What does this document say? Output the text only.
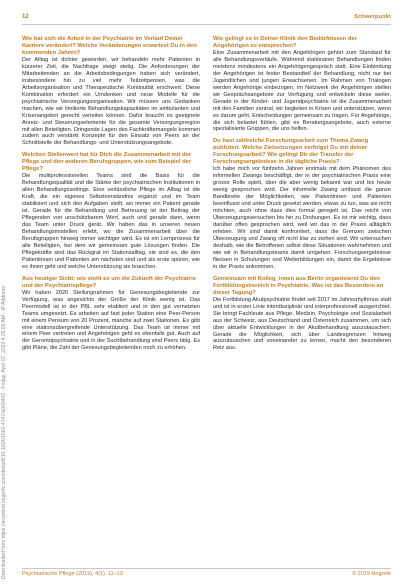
Downloaded from https://econtent.hogrefe.com/doi/pdf/10.1024/1661-4747/a000443 - Friday, April 07, 2023 4:25:05 AM - IP Address:
12	Schwerpunkt

Wie hat sich die Arbeit in der Psychiatrie im Verlauf Deiner Karriere verändert? Welche Veränderungen erwartest Du in den kommenden Jahren?

Der Alltag ist dichter geworden, wir behandeln mehr Patienten in kürzerer Zeit, die Nachfrage steigt stetig. Die Anforderungen der Mitarbeitenden an die Arbeitsbedingungen haben sich verändert, insbesondere hin zu viel mehr Teilzeitpensen, was die Arbeitsorganisation und Therapeutische Kontinuität erschwert. Diese Kombination erfordert ein Umdenken und neue Modelle für die psychiatrische Versorgungsorganisation. Wir müssen uns Gedanken machen, wie wir limitierte Behandlungskapazitäten im ambulanten und Krisenangebot gerecht verteilen können. Dafür braucht es geeignete Anreiz- und Steuerungselemente für die gesamte Versorgungsregion mit allen Beteiligten. Dringende Lagen des Fachkräftemangels kommen zudem auch verstärkt Konzepte für den Einsatz von Peers an der Schnittstelle der Behandlungs- und Unterstützungsangebote.

Welchen Stellenwert hat für Dich die Zusammenarbeit mit der Pflege und den anderen Berufsgruppen, wie zum Beispiel der Pflege?

Die multiprofessionellen Teams sind die Basis für die Behandlungsqualität und die Stärke der psychiatrischen Institutionen in allen Behandlungssettings. Eine verlässliche Pflege im Alltag ist die Kraft, die ein eigenes Selbstverständnis ergänzt und im Team stabilisiert und sich den Aufgaben stellt, wo immer ein Patient gerade ist. Gerade für die Behandlung und Betreuung ist der Beitrag der Pflegenden von unschätzbarem Wert, auch und gerade dann, wenn das Team unter Druck gerät. Wir haben das in unseren neuen Behandlungsmodellen erlebt, wo die Zusammenarbeit über die Berufsgruppen hinweg immer wichtiger wird. Es ist ein Lernprozess für alle Beteiligten, bei dem wir gemeinsam gute Lösungen finden. Die Pflegekräfte sind das Rückgrat im Stationsalltag, sie sind es, die den Patientinnen und Patienten am nächsten sind und als erste spüren, wie es ihnen geht und welche Unterstützung sie brauchen.

Aus heutiger Sicht: wie steht es um die Zukunft der Psychiatrie und der Psychiatriepflege?

Wir haben 2020 Stellungnahmen für Genesungsbegleitende zur Verfügung, was angesichts der Größe der Klinik wenig ist. Das Peermodell ist in der PBL sehr etabliert und in den gut vernetzten Teams umgesetzt. Es arbeiten auf fast jeder Station eine Peer-Person mit einem Pensum von 20 Prozent, manche auf zwei Stationen. Es gibt eine stationsübergreifende Unterstützung. Das Team ist immer mit einem Peer vertreten und Angehörigen geht es ebenfalls gut. Auch auf der Gerontopsychiatrie und in der Suchtbehandlung sind Peers tätig. Es gibt Pläne, die Zahl der Genesungsbegleitenden noch zu erhöhen.

Wie gelingt es in Deiner Klinik den Bedürfnissen der Angehörigen zu entsprechen?

Eine Zusammenarbeit mit den Angehörigen gehört zum Standard für alle Behandlungsverläufe. Während stationären Behandlungen finden meistens mindestens ein Angehörigengespräch statt. Eine Einbindung der Angehörigen ist fester Bestandteil der Behandlung, nicht nur bei Jugendlichen und jungen Erwachsenen. Im Rahmen von Trialogen werden Angehörige einbezogen, im Netzwerk der Angehörigen stellen wir Gesprächsangebote zur Verfügung und entwickeln diese weiter. Gerade in der Kinder- und Jugendpsychiatrie ist die Zusammenarbeit mit den Familien zentral, wir begleiten in Krisen und unterstützen, wenn es darum geht, Entscheidungen gemeinsam zu tragen. Für Angehörige, die sich belastet fühlen, gibt es Beratungsangebote, auch externe spezialisierte Gruppen, die uns helfen.

Du hast zahlreiche Forschungsarbeit zum Thema Zwang publiziert. Welche Zielsetzungen verfolgst Du mit deiner Forschungsarbeit? Wie gelingt Dir der Transfer der Forschungsergebnisse in die tägliche Praxis?

Ich habe mich vor fünfzehn Jahren erstmals mit dem Phänomen des informellen Zwangs beschäftigt, der in der psychiatrischen Praxis eine grosse Rolle spielt, über die aber wenig bekannt war und bis heute wenig gesprochen wird. Der informelle Zwang umfasst die ganze Bandbreite der Möglichkeiten, wie Patientinnen und Patienten beeinflusst und unter Druck gesetzt werden, etwas zu tun, was sie nicht möchten, auch ohne dass dies formal geregelt ist. Das reicht von Überzeugungsversuchen bis hin zu Drohungen. Es ist mir wichtig, dass darüber offen gesprochen wird, weil wir das in der Praxis alltäglich erleben. Wir sind damit konfrontiert, dass die Grenzen zwischen Überzeugung und Zwang oft nicht klar zu ziehen sind. Wir untersuchen deshalb, wie die Betroffenen selbst diese Situationen wahrnehmen und wie wir in Behandlungsteams damit umgehen. Forschungsergebnisse fliessen in Schulungen und Weiterbildungen ein, damit die Ergebnisse in der Praxis ankommen.

Gemeinsam mit Kolleg_innen aus Berlin organisierst Du den Fortbildungsbereich in Psychiatrie. Was ist das Besondere an dieser Tagung?

Die Fortbildung Akutpsychiatrie findet seit 2017 im Jahresrhythmus statt und ist in erster Linie interdisziplinär und interprofessionell ausgerichtet. Sie bringt Fachleute aus Pflege, Medizin, Psychologie und Sozialarbeit aus der Schweiz, aus Deutschland und Österreich zusammen, um sich über aktuelle Entwicklungen in der Akutbehandlung auszutauschen. Gerade die Möglichkeit, sich über Landesgrenzen hinweg auszutauschen und voneinander zu lernen, macht den besonderen Reiz aus.

Psychiatrische Pflege (2019), 4(1), 11–13	© 2019 Hogrefe
